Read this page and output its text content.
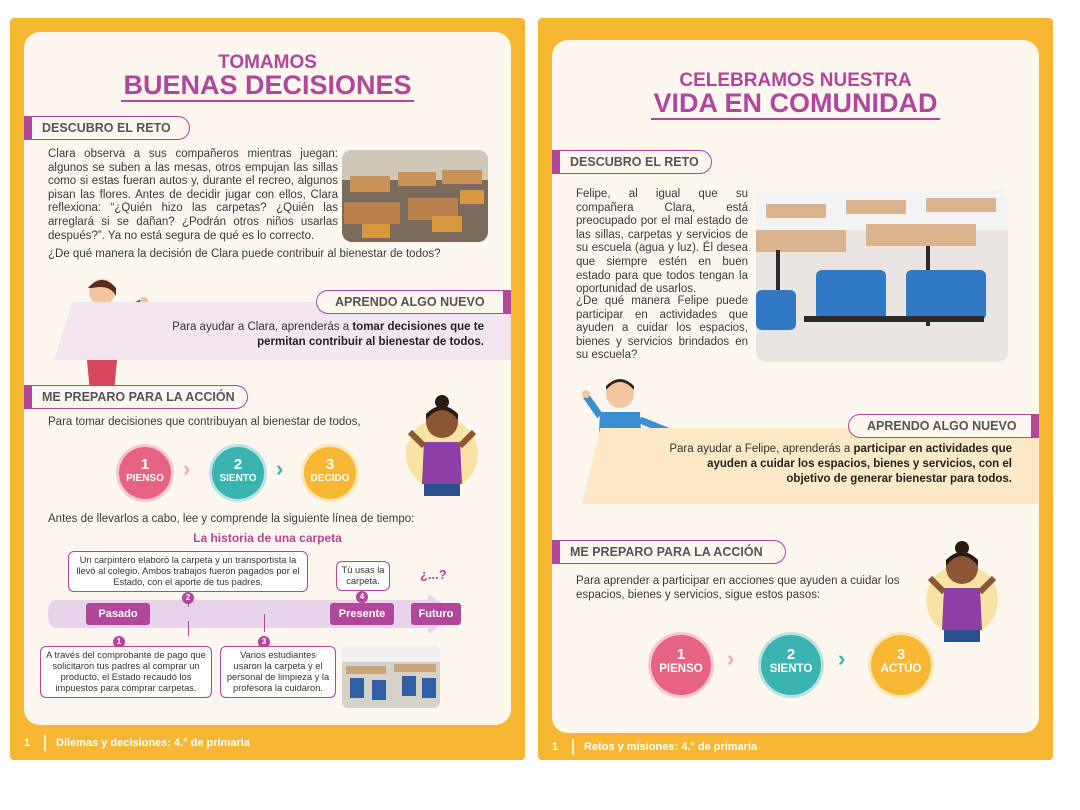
TOMAMOS
BUENAS DECISIONES
DESCUBRO EL RETO
Clara observa a sus compañeros mientras juegan: algunos se suben a las mesas, otros empujan las sillas como si estas fueran autos y, durante el recreo, algunos pisan las flores. Antes de decidir jugar con ellos, Clara reflexiona: “¿Quién hizo las carpetas? ¿Quién las arreglará si se dañan? ¿Podrán otros niños usarlas después?”. Ya no está segura de qué es lo correcto.
¿De qué manera la decisión de Clara puede contribuir al bienestar de todos?
APRENDO ALGO NUEVO
Para ayudar a Clara, aprenderás a tomar decisiones que te permitan contribuir al bienestar de todos.
ME PREPARO PARA LA ACCIÓN
Para tomar decisiones que contribuyan al bienestar de todos,
1
PIENSO ›	2
SIENTO ›	3
DECIDO
Antes de llevarlos a cabo, lee y comprende la siguiente línea de tiempo:
La historia de una carpeta
Pasado	Presente	Futuro
Un carpintero elaboró la carpeta y un transportista la llevó al colegio. Ambos trabajos fueron pagados por el Estado, con el aporte de tus padres.
Tú usas la carpeta.	¿...?
2	4
1	3
A través del comprobante de pago que solicitaron tus padres al comprar un producto, el Estado recaudó los impuestos para comprar carpetas.
Varios estudiantes usaron la carpeta y el personal de limpieza y la profesora la cuidaron.
1	Dilemas y decisiones: 4.° de primaria
CELEBRAMOS NUESTRA
VIDA EN COMUNIDAD
DESCUBRO EL RETO
Felipe, al igual que su compañera Clara, está preocupado por el mal estado de las sillas, carpetas y servicios de su escuela (agua y luz). Él desea que siempre estén en buen estado para que todos tengan la oportunidad de usarlos.
¿De qué manera Felipe puede participar en actividades que ayuden a cuidar los espacios, bienes y servicios brindados en su escuela?
APRENDO ALGO NUEVO
Para ayudar a Felipe, aprenderás a participar en actividades que ayuden a cuidar los espacios, bienes y servicios, con el objetivo de generar bienestar para todos.
ME PREPARO PARA LA ACCIÓN
Para aprender a participar en acciones que ayuden a cuidar los espacios, bienes y servicios, sigue estos pasos:
1
PIENSO	›	2
SIENTO	›	3
ACTÚO
1	Retos y misiones: 4.° de primaria
